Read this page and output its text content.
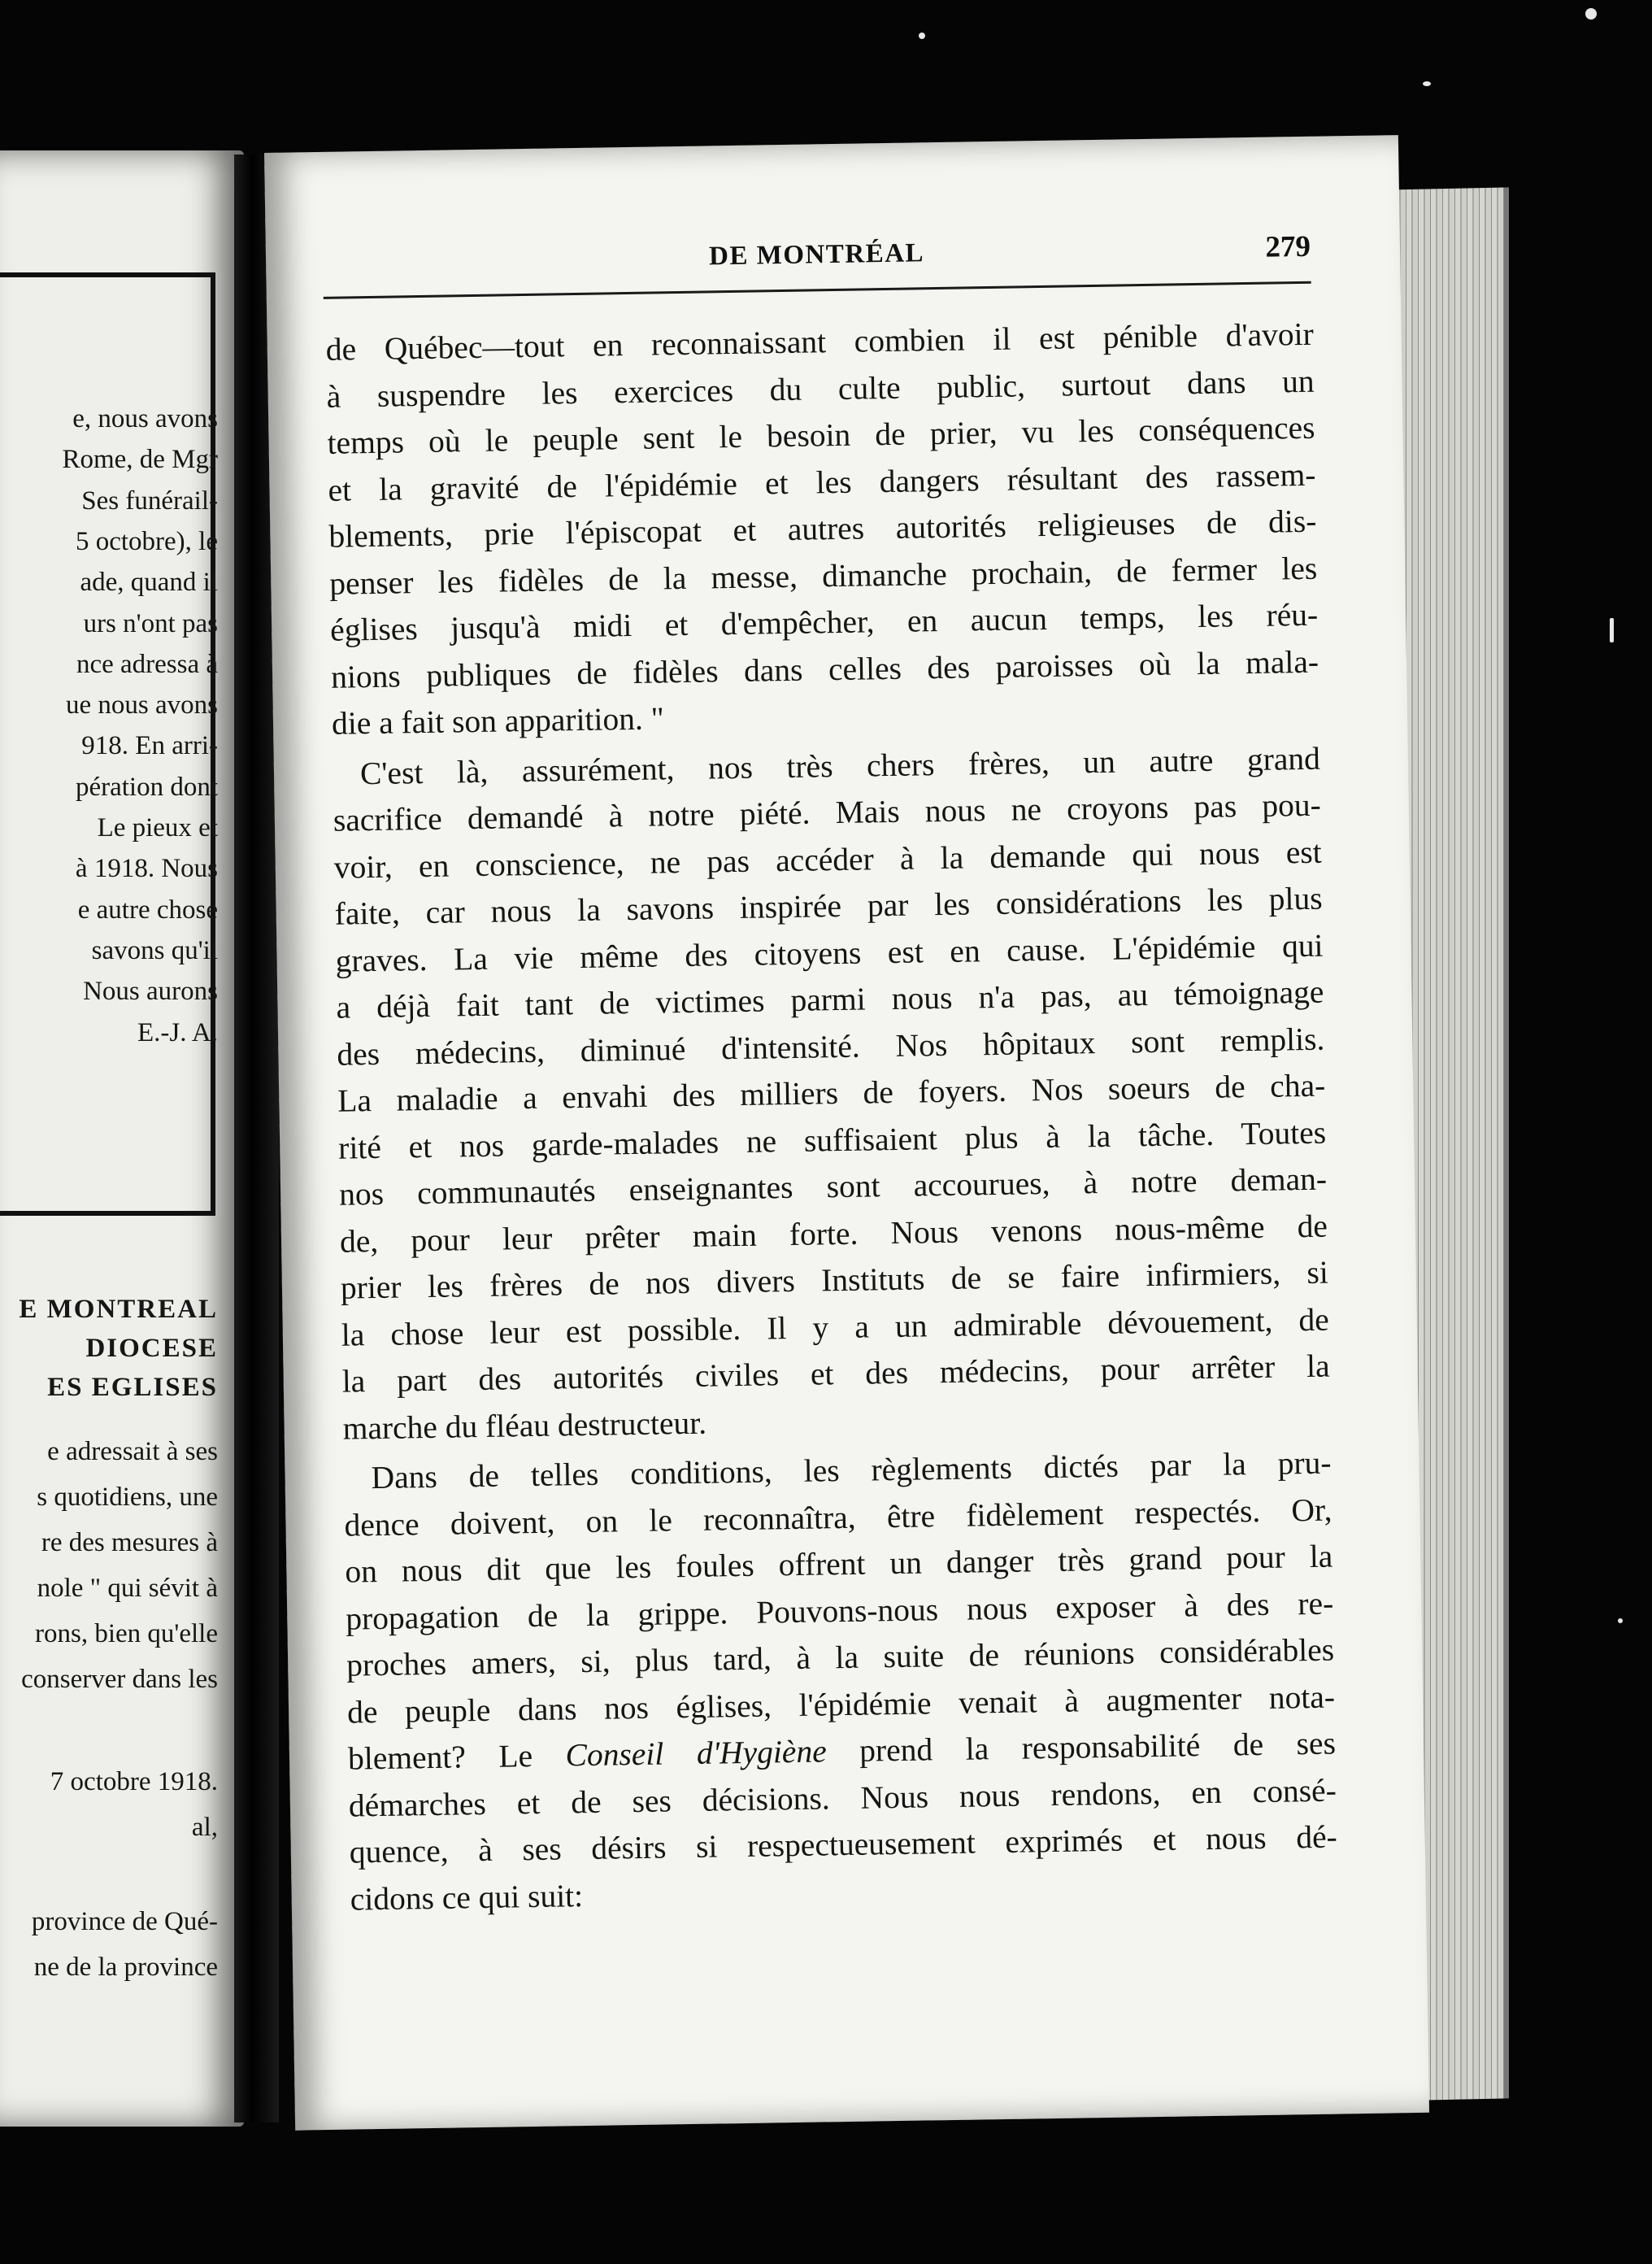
e, nous avons
Rome, de Mgr
Ses funérail-
5 octobre), le
ade, quand il
urs n'ont pas
nce adressa à
ue nous avons
918. En arri-
pération dont
Le pieux et
à 1918. Nous
e autre chose
savons qu'il
Nous aurons
E.-J. A.
E MONTREAL
DIOCESE
ES EGLISES
e adressait à ses
s quotidiens, une
re des mesures à
nole " qui sévit à
rons, bien qu'elle
conserver dans les
7 octobre 1918.
al,
province de Qué-
ne de la province
DE MONTRÉAL	279
de Québec—tout en reconnaissant combien il est pénible d'avoir
à suspendre les exercices du culte public, surtout dans un
temps où le peuple sent le besoin de prier, vu les conséquences
et la gravité de l'épidémie et les dangers résultant des rassem-
blements, prie l'épiscopat et autres autorités religieuses de dis-
penser les fidèles de la messe, dimanche prochain, de fermer les
églises jusqu'à midi et d'empêcher, en aucun temps, les réu-
nions publiques de fidèles dans celles des paroisses où la mala-
die a fait son apparition. "
C'est là, assurément, nos très chers frères, un autre grand
sacrifice demandé à notre piété. Mais nous ne croyons pas pou-
voir, en conscience, ne pas accéder à la demande qui nous est
faite, car nous la savons inspirée par les considérations les plus
graves. La vie même des citoyens est en cause. L'épidémie qui
a déjà fait tant de victimes parmi nous n'a pas, au témoignage
des médecins, diminué d'intensité. Nos hôpitaux sont remplis.
La maladie a envahi des milliers de foyers. Nos soeurs de cha-
rité et nos garde-malades ne suffisaient plus à la tâche. Toutes
nos communautés enseignantes sont accourues, à notre deman-
de, pour leur prêter main forte. Nous venons nous-même de
prier les frères de nos divers Instituts de se faire infirmiers, si
la chose leur est possible. Il y a un admirable dévouement, de
la part des autorités civiles et des médecins, pour arrêter la
marche du fléau destructeur.
Dans de telles conditions, les règlements dictés par la pru-
dence doivent, on le reconnaîtra, être fidèlement respectés. Or,
on nous dit que les foules offrent un danger très grand pour la
propagation de la grippe. Pouvons-nous nous exposer à des re-
proches amers, si, plus tard, à la suite de réunions considérables
de peuple dans nos églises, l'épidémie venait à augmenter nota-
blement? Le Conseil d'Hygiène prend la responsabilité de ses
démarches et de ses décisions. Nous nous rendons, en consé-
quence, à ses désirs si respectueusement exprimés et nous dé-
cidons ce qui suit:
